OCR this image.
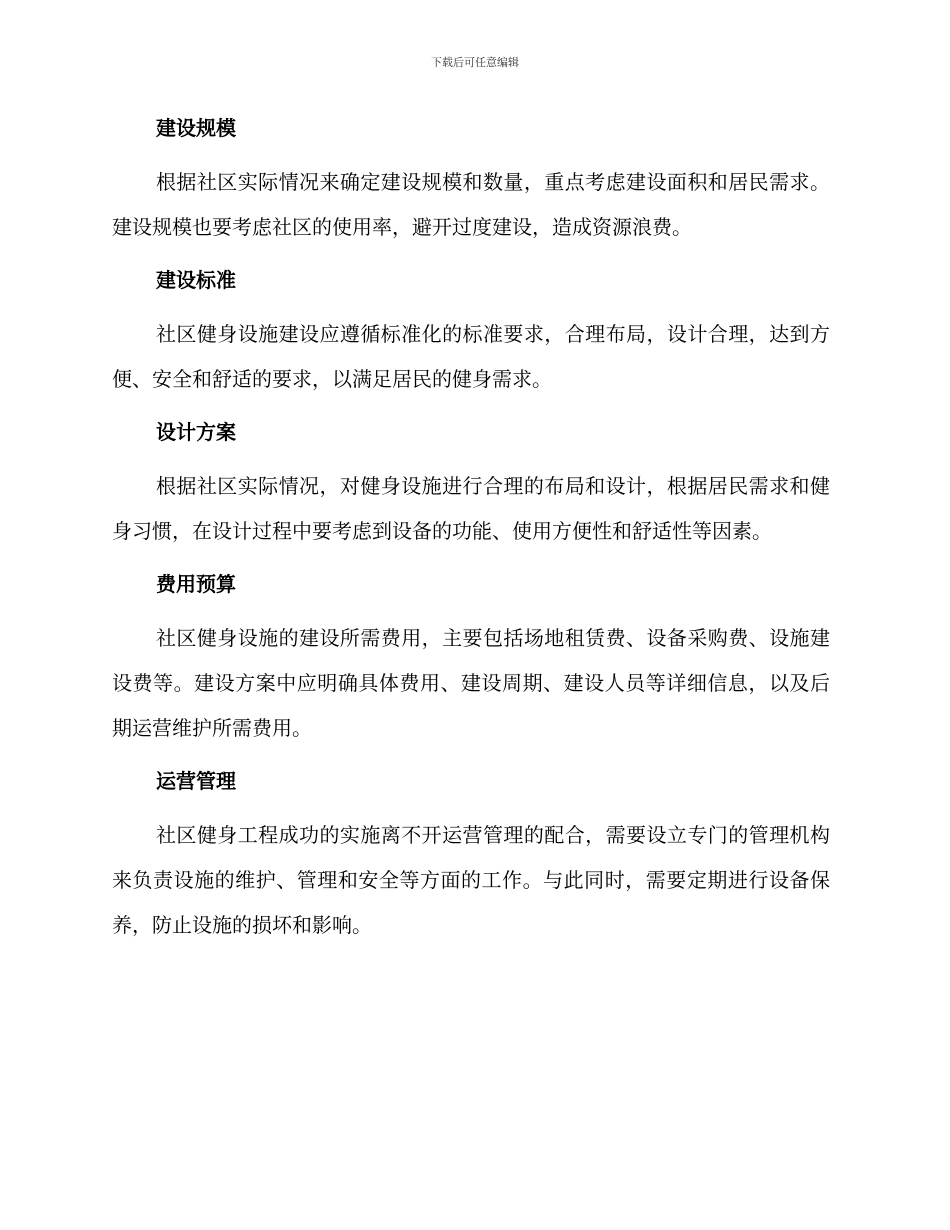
下载后可任意编辑
建设规模
根据社区实际情况来确定建设规模和数量，重点考虑建设面积和居民需求。建设规模也要考虑社区的使用率，避开过度建设，造成资源浪费。
建设标准
社区健身设施建设应遵循标准化的标准要求，合理布局，设计合理，达到方便、安全和舒适的要求，以满足居民的健身需求。
设计方案
根据社区实际情况，对健身设施进行合理的布局和设计，根据居民需求和健身习惯，在设计过程中要考虑到设备的功能、使用方便性和舒适性等因素。
费用预算
社区健身设施的建设所需费用，主要包括场地租赁费、设备采购费、设施建设费等。建设方案中应明确具体费用、建设周期、建设人员等详细信息，以及后期运营维护所需费用。
运营管理
社区健身工程成功的实施离不开运营管理的配合，需要设立专门的管理机构来负责设施的维护、管理和安全等方面的工作。与此同时，需要定期进行设备保养，防止设施的损坏和影响。
